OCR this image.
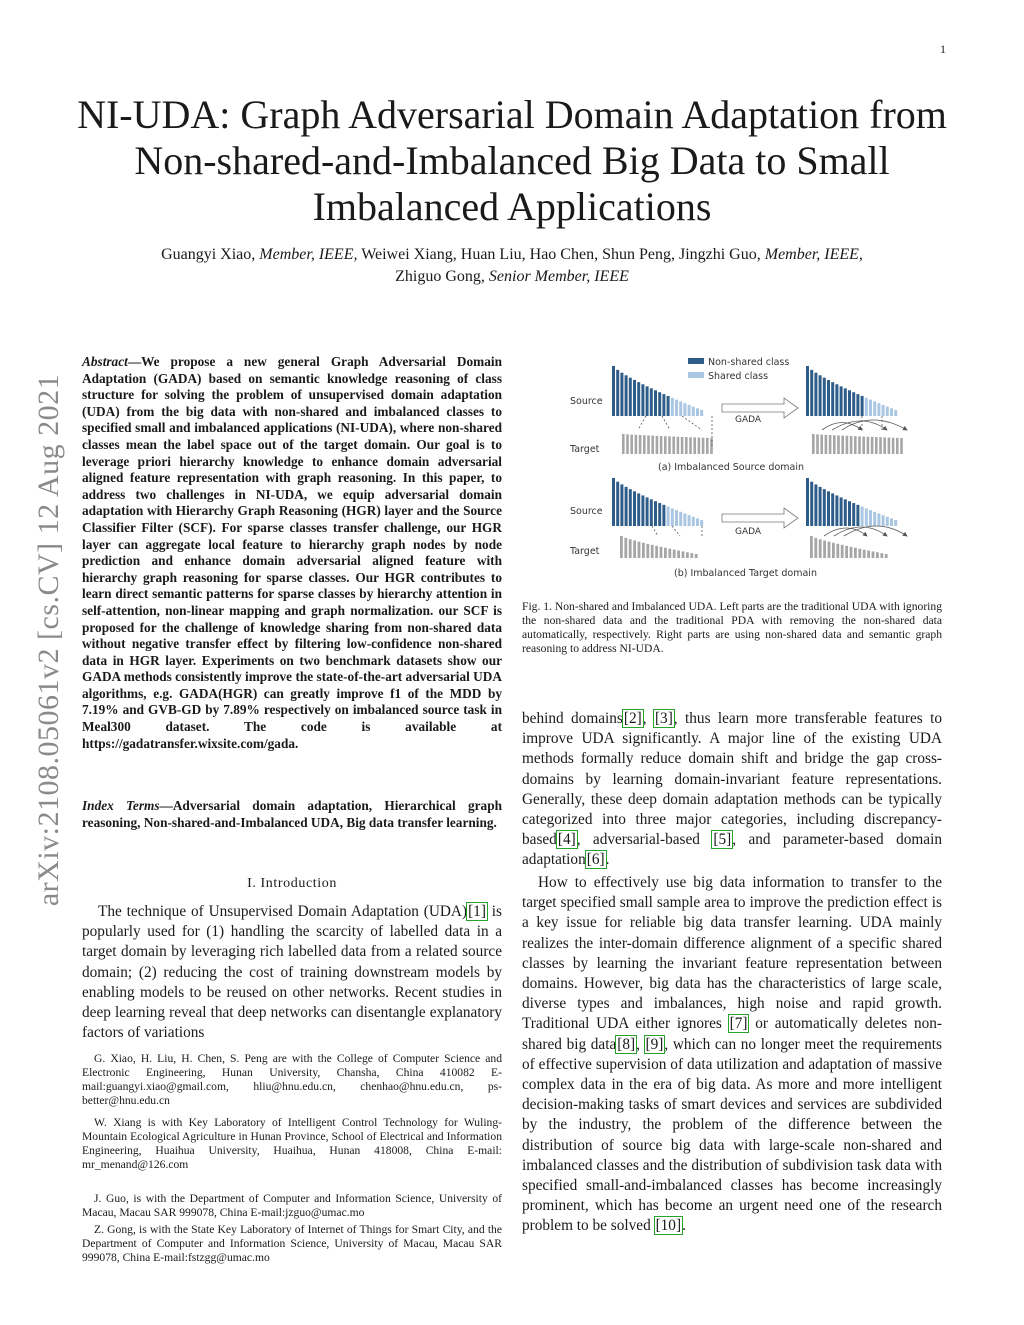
1
NI-UDA: Graph Adversarial Domain Adaptation from Non-shared-and-Imbalanced Big Data to Small Imbalanced Applications
Guangyi Xiao, Member, IEEE, Weiwei Xiang, Huan Liu, Hao Chen, Shun Peng, Jingzhi Guo, Member, IEEE,
Zhiguo Gong, Senior Member, IEEE
arXiv:2108.05061v2 [cs.CV] 12 Aug 2021
Abstract—We propose a new general Graph Adversarial Domain Adaptation (GADA) based on semantic knowledge reasoning of class structure for solving the problem of unsupervised domain adaptation (UDA) from the big data with non-shared and imbalanced classes to specified small and imbalanced applications (NI-UDA), where non-shared classes mean the label space out of the target domain. Our goal is to leverage priori hierarchy knowledge to enhance domain adversarial aligned feature representation with graph reasoning. In this paper, to address two challenges in NI-UDA, we equip adversarial domain adaptation with Hierarchy Graph Reasoning (HGR) layer and the Source Classifier Filter (SCF). For sparse classes transfer challenge, our HGR layer can aggregate local feature to hierarchy graph nodes by node prediction and enhance domain adversarial aligned feature with hierarchy graph reasoning for sparse classes. Our HGR contributes to learn direct semantic patterns for sparse classes by hierarchy attention in self-attention, non-linear mapping and graph normalization. our SCF is proposed for the challenge of knowledge sharing from non-shared data without negative transfer effect by filtering low-confidence non-shared data in HGR layer. Experiments on two benchmark datasets show our GADA methods consistently improve the state-of-the-art adversarial UDA algorithms, e.g. GADA(HGR) can greatly improve f1 of the MDD by 7.19% and GVB-GD by 7.89% respectively on imbalanced source task in Meal300 dataset. The code is available at https://gadatransfer.wixsite.com/gada.
Index Terms—Adversarial domain adaptation, Hierarchical graph reasoning, Non-shared-and-Imbalanced UDA, Big data transfer learning.
I. Introduction
The technique of Unsupervised Domain Adaptation (UDA)[1] is popularly used for (1) handling the scarcity of labelled data in a target domain by leveraging rich labelled data from a related source domain; (2) reducing the cost of training downstream models by enabling models to be reused on other networks. Recent studies in deep learning reveal that deep networks can disentangle explanatory factors of variations
G. Xiao, H. Liu, H. Chen, S. Peng are with the College of Computer Science and Electronic Engineering, Hunan University, Chansha, China 410082 E-mail:guangyi.xiao@gmail.com, hliu@hnu.edu.cn, chenhao@hnu.edu.cn, ps-better@hnu.edu.cn
W. Xiang is with Key Laboratory of Intelligent Control Technology for Wuling-Mountain Ecological Agriculture in Hunan Province, School of Electrical and Information Engineering, Huaihua University, Huaihua, Hunan 418008, China E-mail: mr_menand@126.com
J. Guo, is with the Department of Computer and Information Science, University of Macau, Macau SAR 999078, China E-mail:jzguo@umac.mo
Z. Gong, is with the State Key Laboratory of Internet of Things for Smart City, and the Department of Computer and Information Science, University of Macau, Macau SAR 999078, China E-mail:fstzgg@umac.mo
Non-shared class
Shared class
Source
Target
Source
Target
GADA
(a) Imbalanced Source domain
GADA
(b) Imbalanced Target domain
Fig. 1. Non-shared and Imbalanced UDA. Left parts are the traditional UDA with ignoring the non-shared data and the traditional PDA with removing the non-shared data automatically, respectively. Right parts are using non-shared data and semantic graph reasoning to address NI-UDA.
behind domains[2], [3], thus learn more transferable features to improve UDA significantly. A major line of the existing UDA methods formally reduce domain shift and bridge the gap cross-domains by learning domain-invariant feature representations. Generally, these deep domain adaptation methods can be typically categorized into three major categories, including discrepancy-based[4], adversarial-based [5], and parameter-based domain adaptation[6].
How to effectively use big data information to transfer to the target specified small sample area to improve the prediction effect is a key issue for reliable big data transfer learning. UDA mainly realizes the inter-domain difference alignment of a specific shared classes by learning the invariant feature representation between domains. However, big data has the characteristics of large scale, diverse types and imbalances, high noise and rapid growth. Traditional UDA either ignores [7] or automatically deletes non-shared big data[8], [9], which can no longer meet the requirements of effective supervision of data utilization and adaptation of massive complex data in the era of big data. As more and more intelligent decision-making tasks of smart devices and services are subdivided by the industry, the problem of the difference between the distribution of source big data with large-scale non-shared and imbalanced classes and the distribution of subdivision task data with specified small-and-imbalanced classes has become increasingly prominent, which has become an urgent need one of the research problem to be solved [10].
